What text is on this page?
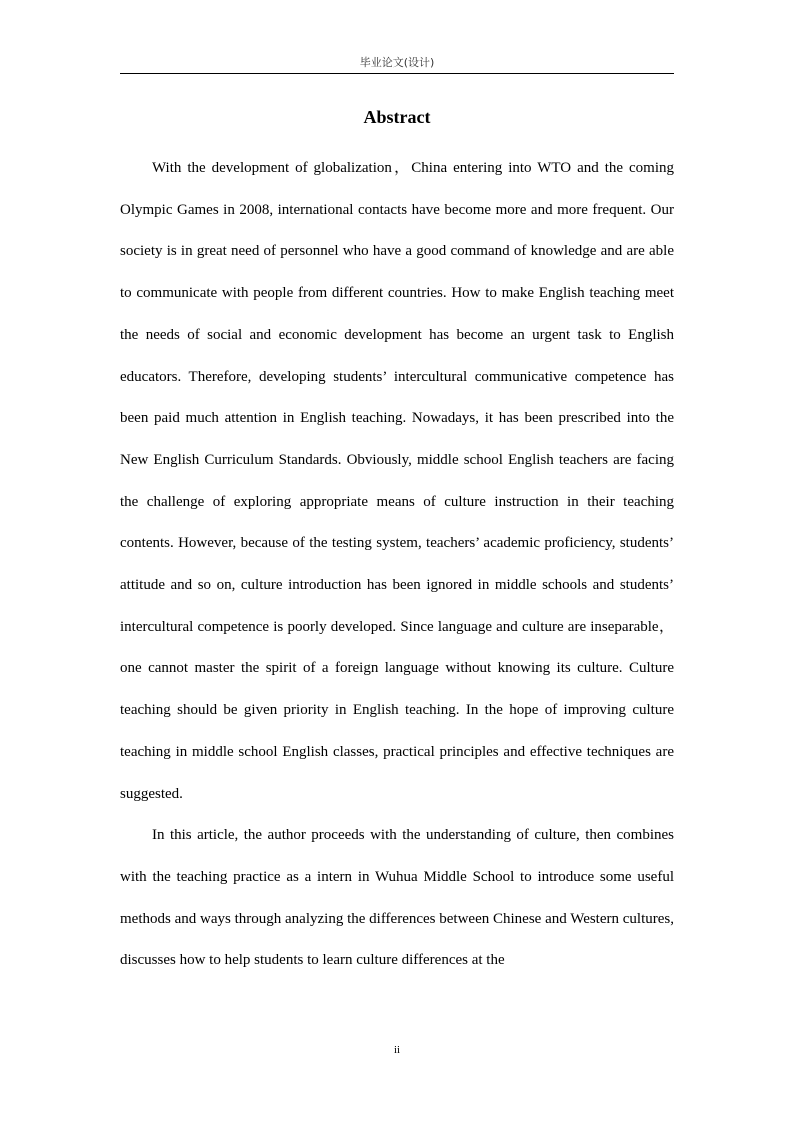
毕业论文(设计)
Abstract

With the development of globalization，China entering into WTO and the coming Olympic Games in 2008, international contacts have become more and more frequent. Our society is in great need of personnel who have a good command of knowledge and are able to communicate with people from different countries. How to make English teaching meet the needs of social and economic development has become an urgent task to English educators. Therefore, developing students’ intercultural communicative competence has been paid much attention in English teaching. Nowadays, it has been prescribed into the New English Curriculum Standards. Obviously, middle school English teachers are facing the challenge of exploring appropriate means of culture instruction in their teaching contents. However, because of the testing system, teachers’ academic proficiency, students’ attitude and so on, culture introduction has been ignored in middle schools and students’ intercultural competence is poorly developed. Since language and culture are inseparable， one cannot master the spirit of a foreign language without knowing its culture. Culture teaching should be given priority in English teaching. In the hope of improving culture teaching in middle school English classes, practical principles and effective techniques are suggested.

In this article, the author proceeds with the understanding of culture, then combines with the teaching practice as a intern in Wuhua Middle School to introduce some useful methods and ways through analyzing the differences between Chinese and Western cultures, discusses how to help students to learn culture differences at the

ii
